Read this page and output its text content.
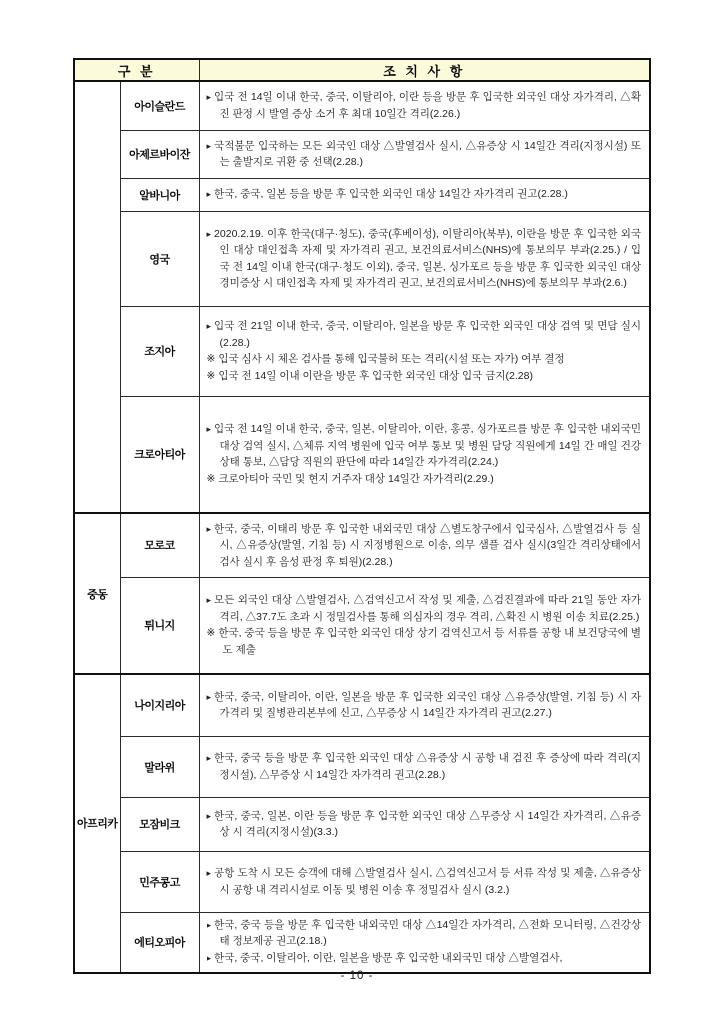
구 분		조 치 사 항
	아이슬란드	▸ 입국 전 14일 이내 한국, 중국, 이탈리아, 이란 등을 방문 후 입국한 외국인 대상 자가격리, △확진 판정 시 발열 증상 소거 후 최대 10일간 격리(2.26.)

	아제르바이잔	▸ 국적불문 입국하는 모든 외국인 대상 △발열검사 실시, △유증상 시 14일간 격리(지정시설) 또는 출발지로 귀환 중 선택(2.28.)

	알바니아	▸ 한국, 중국, 일본 등을 방문 후 입국한 외국인 대상 14일간 자가격리 권고(2.28.)

	영국	▸ 2020.2.19. 이후 한국(대구·청도), 중국(후베이성), 이탈리아(북부), 이란을 방문 후 입국한 외국인 대상 대인접촉 자제 및 자가격리 권고, 보건의료서비스(NHS)에 통보의무 부과(2.25.) / 입국 전 14일 이내 한국(대구·청도 이외), 중국, 일본, 싱가포르 등을 방문 후 입국한 외국인 대상 경미증상 시 대인접촉 자제 및 자가격리 권고, 보건의료서비스(NHS)에 통보의무 부과(2.6.)

	조지아	▸ 입국 전 21일 이내 한국, 중국, 이탈리아, 일본을 방문 후 입국한 외국인 대상 검역 및 면담 실시(2.28.)
※ 입국 심사 시 체온 검사를 통해 입국불허 또는 격리(시설 또는 자가) 여부 결정
※ 입국 전 14일 이내 이란을 방문 후 입국한 외국인 대상 입국 금지(2.28)

	크로아티아	▸ 입국 전 14일 이내 한국, 중국, 일본, 이탈리아, 이란, 홍콩, 싱가포르를 방문 후 입국한 내외국민 대상 검역 실시, △체류 지역 병원에 입국 여부 통보 및 병원 담당 직원에게 14일 간 매일 건강상태 통보, △담당 직원의 판단에 따라 14일간 자가격리(2.24.)
※ 크로아티아 국민 및 현지 거주자 대상 14일간 자가격리(2.29.)

중동	모로코	▸ 한국, 중국, 이태리 방문 후 입국한 내외국민 대상 △별도창구에서 입국심사, △발열검사 등 실시, △유증상(발열, 기침 등) 시 지정병원으로 이송, 의무 샘플 검사 실시(3일간 격리상태에서 검사 실시 후 음성 판정 후 퇴원)(2.28.)

	튀니지	▸ 모든 외국인 대상 △발열검사, △검역신고서 작성 및 제출, △검진결과에 따라 21일 동안 자가격리, △37.7도 초과 시 정밀검사를 통해 의심자의 경우 격리, △확진 시 병원 이송 치료(2.25.)
※ 한국, 중국 등을 방문 후 입국한 외국인 대상 상기 검역신고서 등 서류를 공항 내 보건당국에 별도 제출

아프리카	나이지리아	▸ 한국, 중국, 이탈리아, 이란, 일본을 방문 후 입국한 외국인 대상 △유증상(발열, 기침 등) 시 자가격리 및 질병관리본부에 신고, △무증상 시 14일간 자가격리 권고(2.27.)

	말라위	▸ 한국, 중국 등을 방문 후 입국한 외국인 대상 △유증상 시 공항 내 검진 후 증상에 따라 격리(지정시설), △무증상 시 14일간 자가격리 권고(2.28.)

	모잠비크	▸ 한국, 중국, 일본, 이란 등을 방문 후 입국한 외국인 대상 △무증상 시 14일간 자가격리, △유증상 시 격리(지정시설)(3.3.)

	민주콩고	▸ 공항 도착 시 모든 승객에 대해 △발열검사 실시, △검역신고서 등 서류 작성 및 제출, △유증상 시 공항 내 격리시설로 이동 및 병원 이송 후 정밀검사 실시 (3.2.)

	에티오피아	▸ 한국, 중국 등을 방문 후 입국한 내외국민 대상 △14일간 자가격리, △전화 모니터링, △건강상태 정보제공 권고(2.18.)
▸ 한국, 중국, 이탈리아, 이란, 일본을 방문 후 입국한 내외국민 대상 △발열검사,
- 10 -
